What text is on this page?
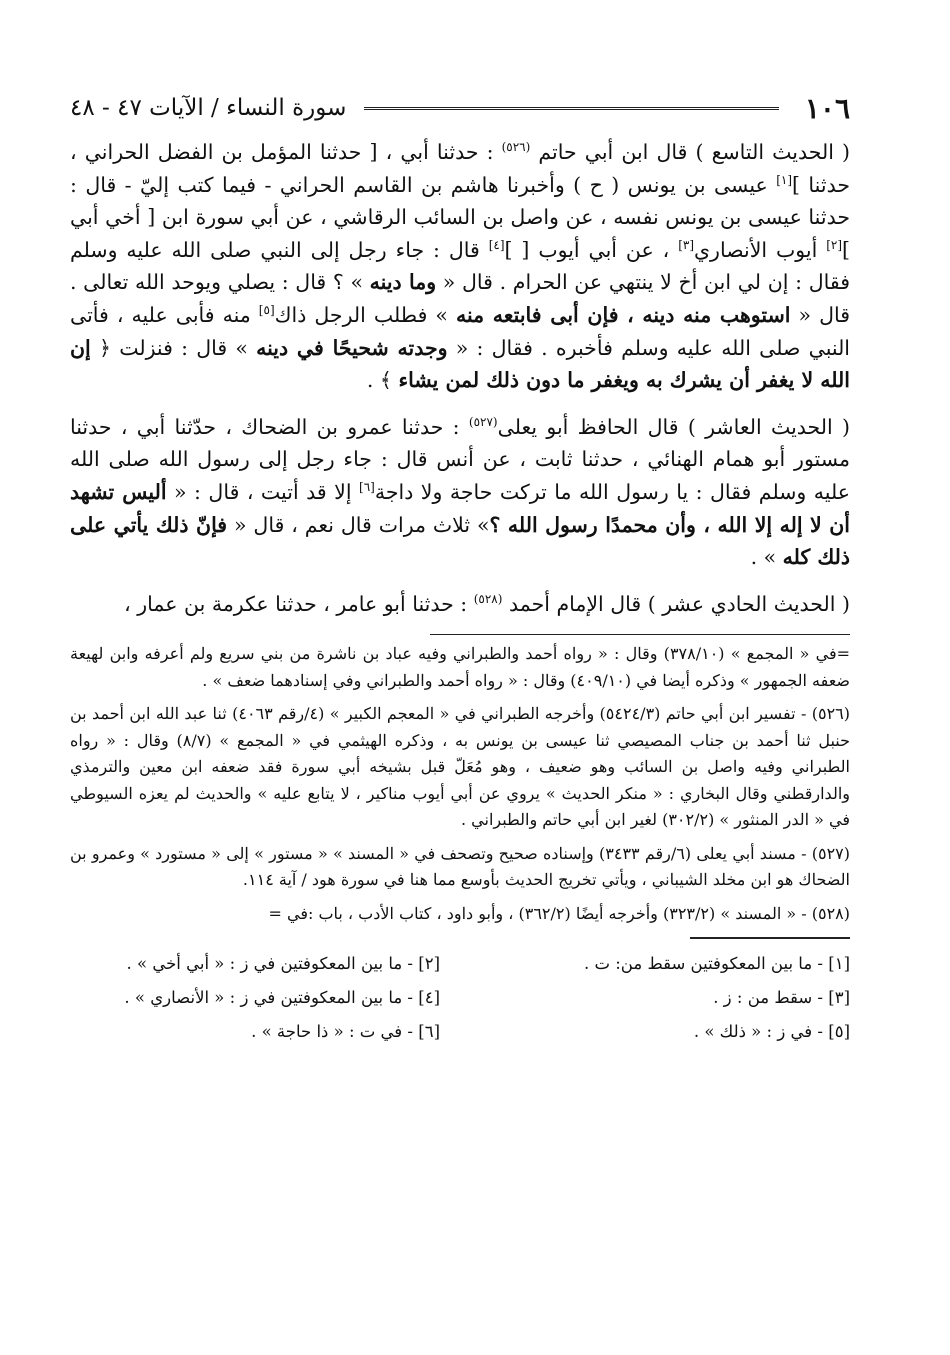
١٠٦
سورة النساء / الآيات ٤٧ - ٤٨

( الحديث التاسع ) قال ابن أبي حاتم $^{(٥٢٦)}$ : حدثنا أبي ، [ حدثنا المؤمل بن الفضل الحراني ، حدثنا ][١] عيسى بن يونس ( ح ) وأخبرنا هاشم بن القاسم الحراني - فيما كتب إليّ - قال : حدثنا عيسى بن يونس نفسه ، عن واصل بن السائب الرقاشي ، عن أبي سورة ابن [ أخي أبي ][٢] أيوب الأنصاري[٣] ، عن أبي أيوب [ ][٤] قال : جاء رجل إلى النبي صلى الله عليه وسلم فقال : إن لي ابن أخ لا ينتهي عن الحرام . قال « وما دينه » ؟ قال : يصلي ويوحد الله تعالى . قال « استوهب منه دينه ، فإن أبى فابتعه منه » فطلب الرجل ذاك[٥] منه فأبى عليه ، فأتى النبي صلى الله عليه وسلم فأخبره . فقال : « وجدته شحيحًا في دينه » قال : فنزلت ﴿ إن الله لا يغفر أن يشرك به ويغفر ما دون ذلك لمن يشاء ﴾ .

( الحديث العاشر ) قال الحافظ أبو يعلى$^{(٥٢٧)}$ : حدثنا عمرو بن الضحاك ، حدّثنا أبي ، حدثنا مستور أبو همام الهنائي ، حدثنا ثابت ، عن أنس قال : جاء رجل إلى رسول الله صلى الله عليه وسلم فقال : يا رسول الله ما تركت حاجة ولا داجة[٦] إلا قد أتيت ، قال : « أليس تشهد أن لا إله إلا الله ، وأن محمدًا رسول الله ؟» ثلاث مرات قال نعم ، قال « فإنّ ذلك يأتي على ذلك كله » .

( الحديث الحادي عشر ) قال الإمام أحمد $^{(٥٢٨)}$ : حدثنا أبو عامر ، حدثنا عكرمة بن عمار ،

=في « المجمع » (٣٧٨/١٠) وقال : « رواه أحمد والطبراني وفيه عباد بن ناشرة من بني سريع ولم أعرفه وابن لهيعة ضعفه الجمهور » وذكره أيضا في (٤٠٩/١٠) وقال : « رواه أحمد والطبراني وفي إسنادهما ضعف » .

(٥٢٦) - تفسير ابن أبي حاتم (٥٤٢٤/٣) وأخرجه الطبراني في « المعجم الكبير » (٤/رقم ٤٠٦٣) ثنا عبد الله ابن أحمد بن حنبل ثنا أحمد بن جناب المصيصي ثنا عيسى بن يونس به ، وذكره الهيثمي في « المجمع » (٨/٧) وقال : « رواه الطبراني وفيه واصل بن السائب وهو ضعيف ، وهو مُعَلّ قبل بشيخه أبي سورة فقد ضعفه ابن معين والترمذي والدارقطني وقال البخاري : « منكر الحديث » يروي عن أبي أيوب مناكير ، لا يتابع عليه » والحديث لم يعزه السيوطي في « الدر المنثور » (٣٠٢/٢) لغير ابن أبي حاتم والطبراني .

(٥٢٧) - مسند أبي يعلى (٦/رقم ٣٤٣٣) وإسناده صحيح وتصحف في « المسند » « مستور » إلى « مستورد » وعمرو بن الضحاك هو ابن مخلد الشيباني ، ويأتي تخريج الحديث بأوسع مما هنا في سورة هود / آية ١١٤.

(٥٢٨) - « المسند » (٣٢٣/٢) وأخرجه أيضًا (٣٦٢/٢) ، وأبو داود ، كتاب الأدب ، باب :في =

[١] - ما بين المعكوفتين سقط من: ت .
[٢] - ما بين المعكوفتين في ز : « أبي أخي » .
[٣] - سقط من : ز .
[٤] - ما بين المعكوفتين في ز : « الأنصاري » .
[٥] - في ز : « ذلك » .
[٦] - في ت : « ذا حاجة » .
